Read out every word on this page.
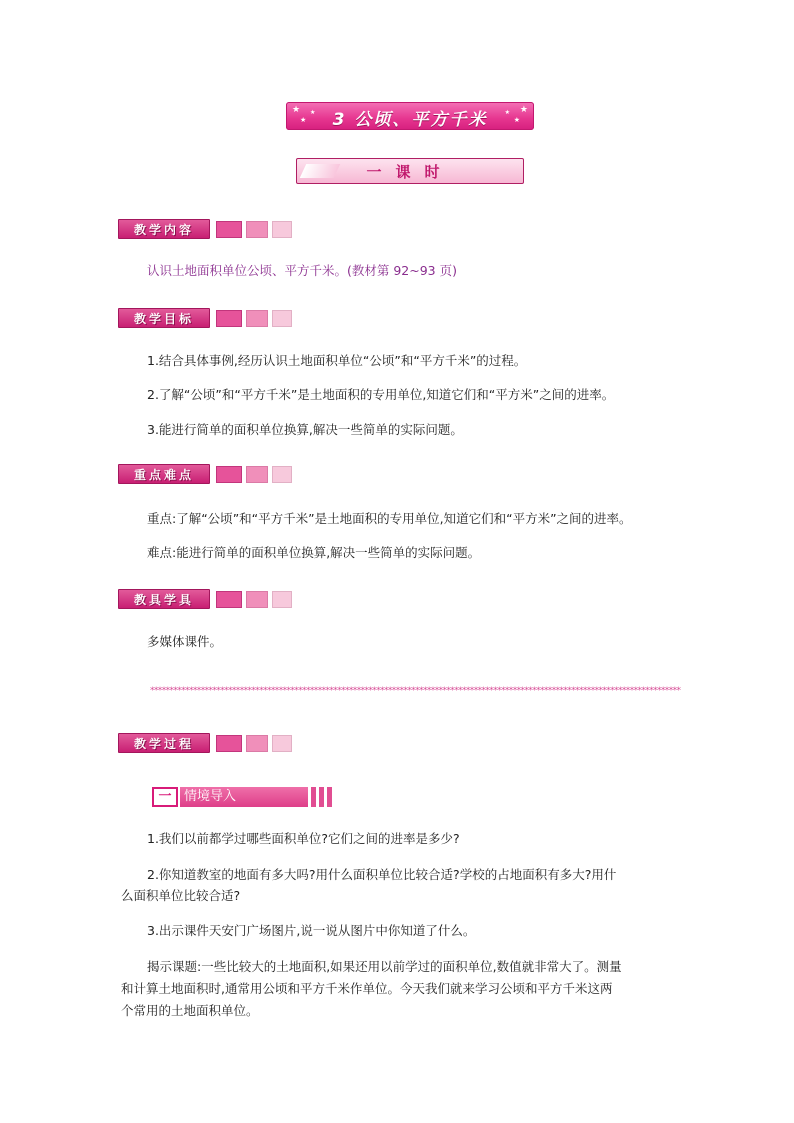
★
★
★	3 公顷、平方千米	★
★
★
一课时
教学内容
认识土地面积单位公顷、平方千米。(教材第 92~93 页)
教学目标
1.结合具体事例,经历认识土地面积单位“公顷”和“平方千米”的过程。
2.了解“公顷”和“平方千米”是土地面积的专用单位,知道它们和“平方米”之间的进率。
3.能进行简单的面积单位换算,解决一些简单的实际问题。
重点难点
重点:了解“公顷”和“平方千米”是土地面积的专用单位,知道它们和“平方米”之间的进率。
难点:能进行简单的面积单位换算,解决一些简单的实际问题。
教具学具
多媒体课件。
****************************************************************************************************************************************
教学过程
一 情境导入
1.我们以前都学过哪些面积单位?它们之间的进率是多少?
2.你知道教室的地面有多大吗?用什么面积单位比较合适?学校的占地面积有多大?用什
么面积单位比较合适?
3.出示课件天安门广场图片,说一说从图片中你知道了什么。
揭示课题:一些比较大的土地面积,如果还用以前学过的面积单位,数值就非常大了。测量
和计算土地面积时,通常用公顷和平方千米作单位。今天我们就来学习公顷和平方千米这两
个常用的土地面积单位。
